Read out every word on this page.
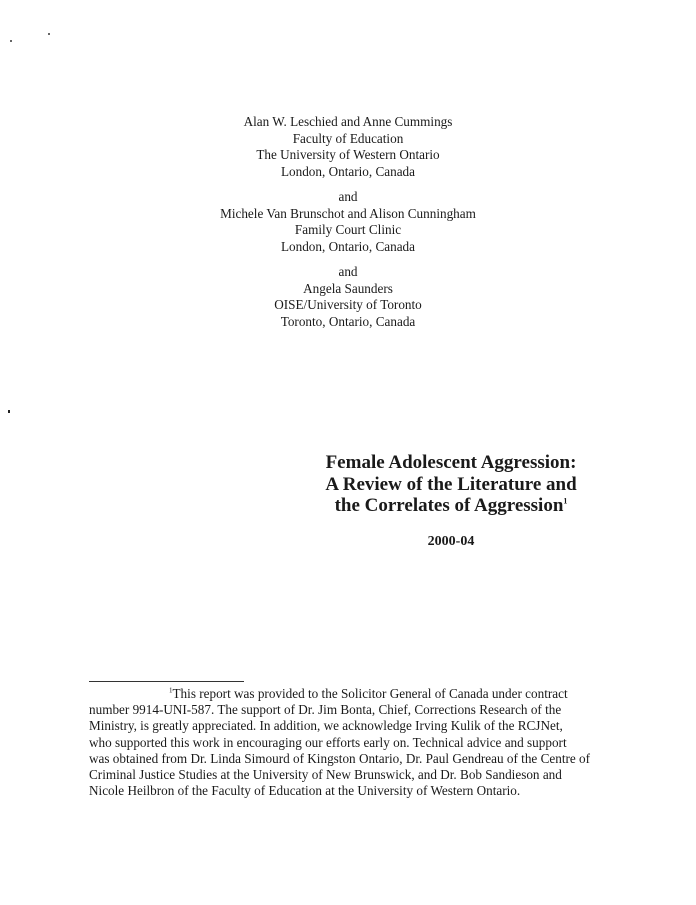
Alan W. Leschied and Anne Cummings
Faculty of Education
The University of Western Ontario
London, Ontario, Canada
and
Michele Van Brunschot and Alison Cunningham
Family Court Clinic
London, Ontario, Canada
and
Angela Saunders
OISE/University of Toronto
Toronto, Ontario, Canada
Female Adolescent Aggression:
A Review of the Literature and
the Correlates of Aggression$^1$
2000-04
$^1$This report was provided to the Solicitor General of Canada under contract
number 9914-UNI-587. The support of Dr. Jim Bonta, Chief, Corrections Research of the
Ministry, is greatly appreciated. In addition, we acknowledge Irving Kulik of the RCJNet,
who supported this work in encouraging our efforts early on. Technical advice and support
was obtained from Dr. Linda Simourd of Kingston Ontario, Dr. Paul Gendreau of the Centre of
Criminal Justice Studies at the University of New Brunswick, and Dr. Bob Sandieson and
Nicole Heilbron of the Faculty of Education at the University of Western Ontario.
